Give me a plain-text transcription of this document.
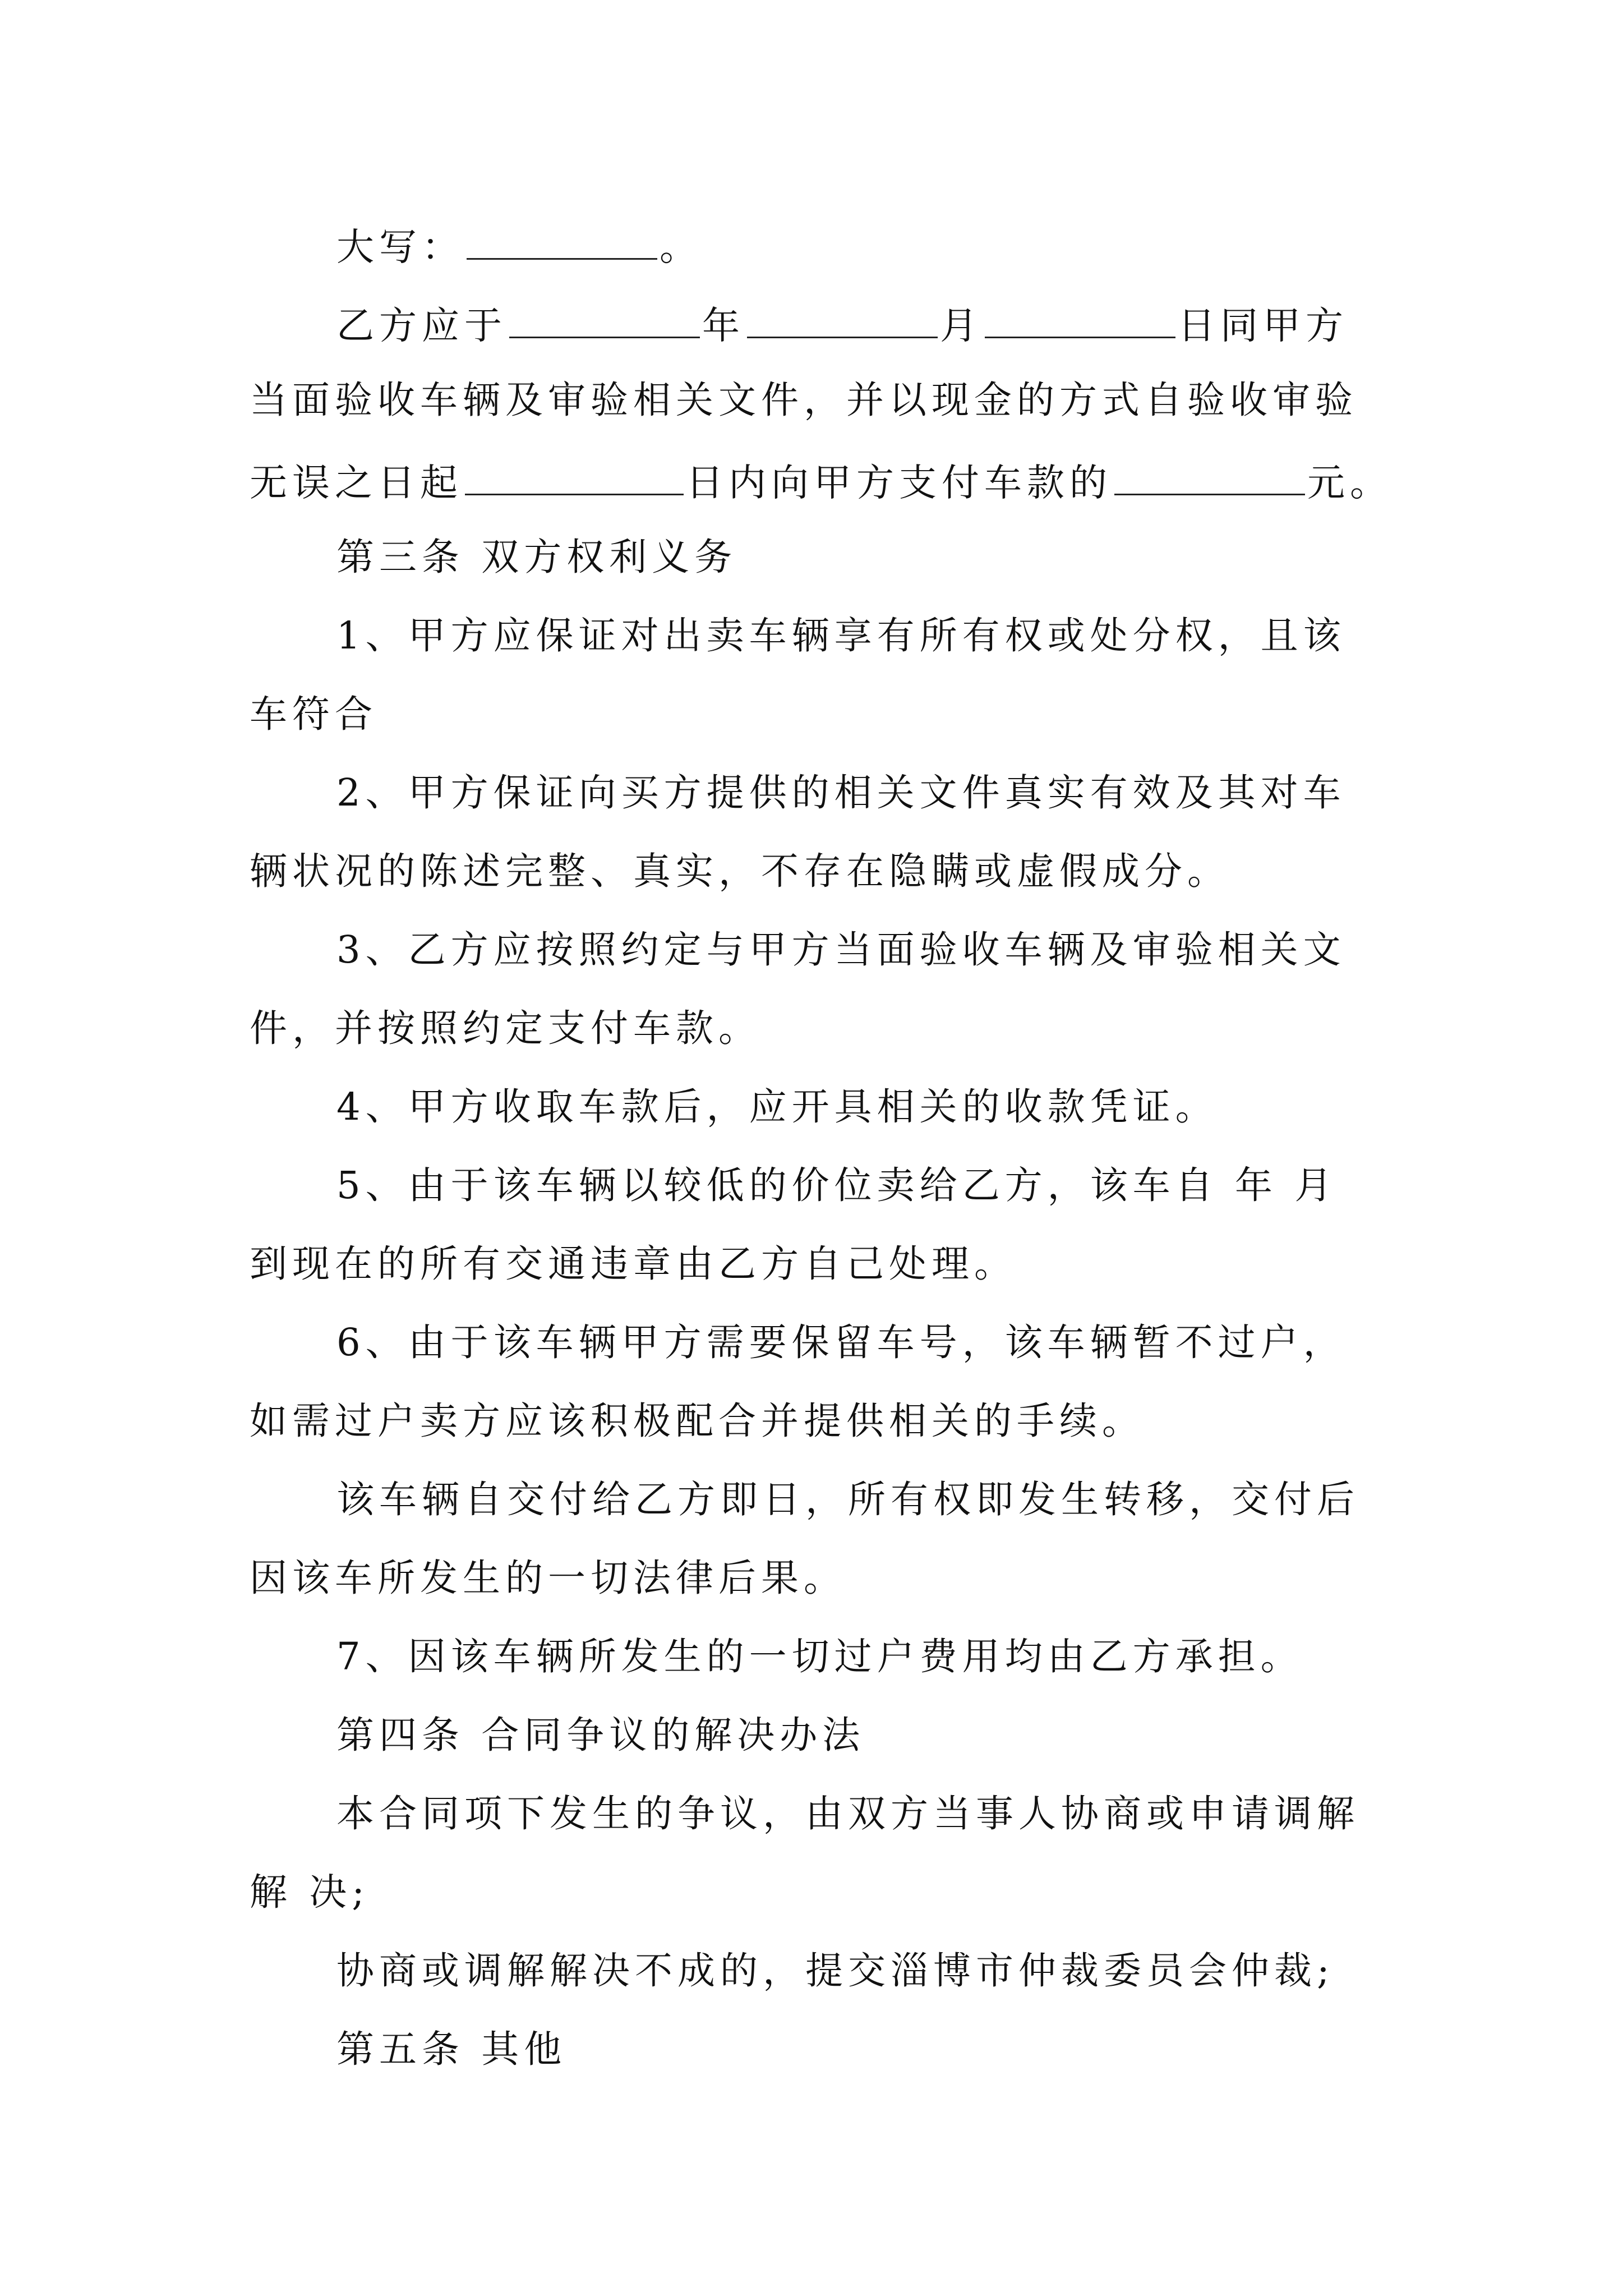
大写：	。
乙方应于	年	月	日同甲方
当面验收车辆及审验相关文件，并以现金的方式自验收审验
无误之日起	日内向甲方支付车款的	元。
第三条 双方权利义务
1、甲方应保证对出卖车辆享有所有权或处分权，且该
车符合
2、甲方保证向买方提供的相关文件真实有效及其对车
辆状况的陈述完整、真实，不存在隐瞒或虚假成分。
3、乙方应按照约定与甲方当面验收车辆及审验相关文
件，并按照约定支付车款。
4、甲方收取车款后，应开具相关的收款凭证。
5、由于该车辆以较低的价位卖给乙方，该车自 年 月
到现在的所有交通违章由乙方自己处理。
6、由于该车辆甲方需要保留车号，该车辆暂不过户，
如需过户卖方应该积极配合并提供相关的手续。
该车辆自交付给乙方即日，所有权即发生转移，交付后
因该车所发生的一切法律后果。
7、因该车辆所发生的一切过户费用均由乙方承担。
第四条 合同争议的解决办法
本合同项下发生的争议，由双方当事人协商或申请调解
解 决;
协商或调解解决不成的，提交淄博市仲裁委员会仲裁;
第五条 其他
